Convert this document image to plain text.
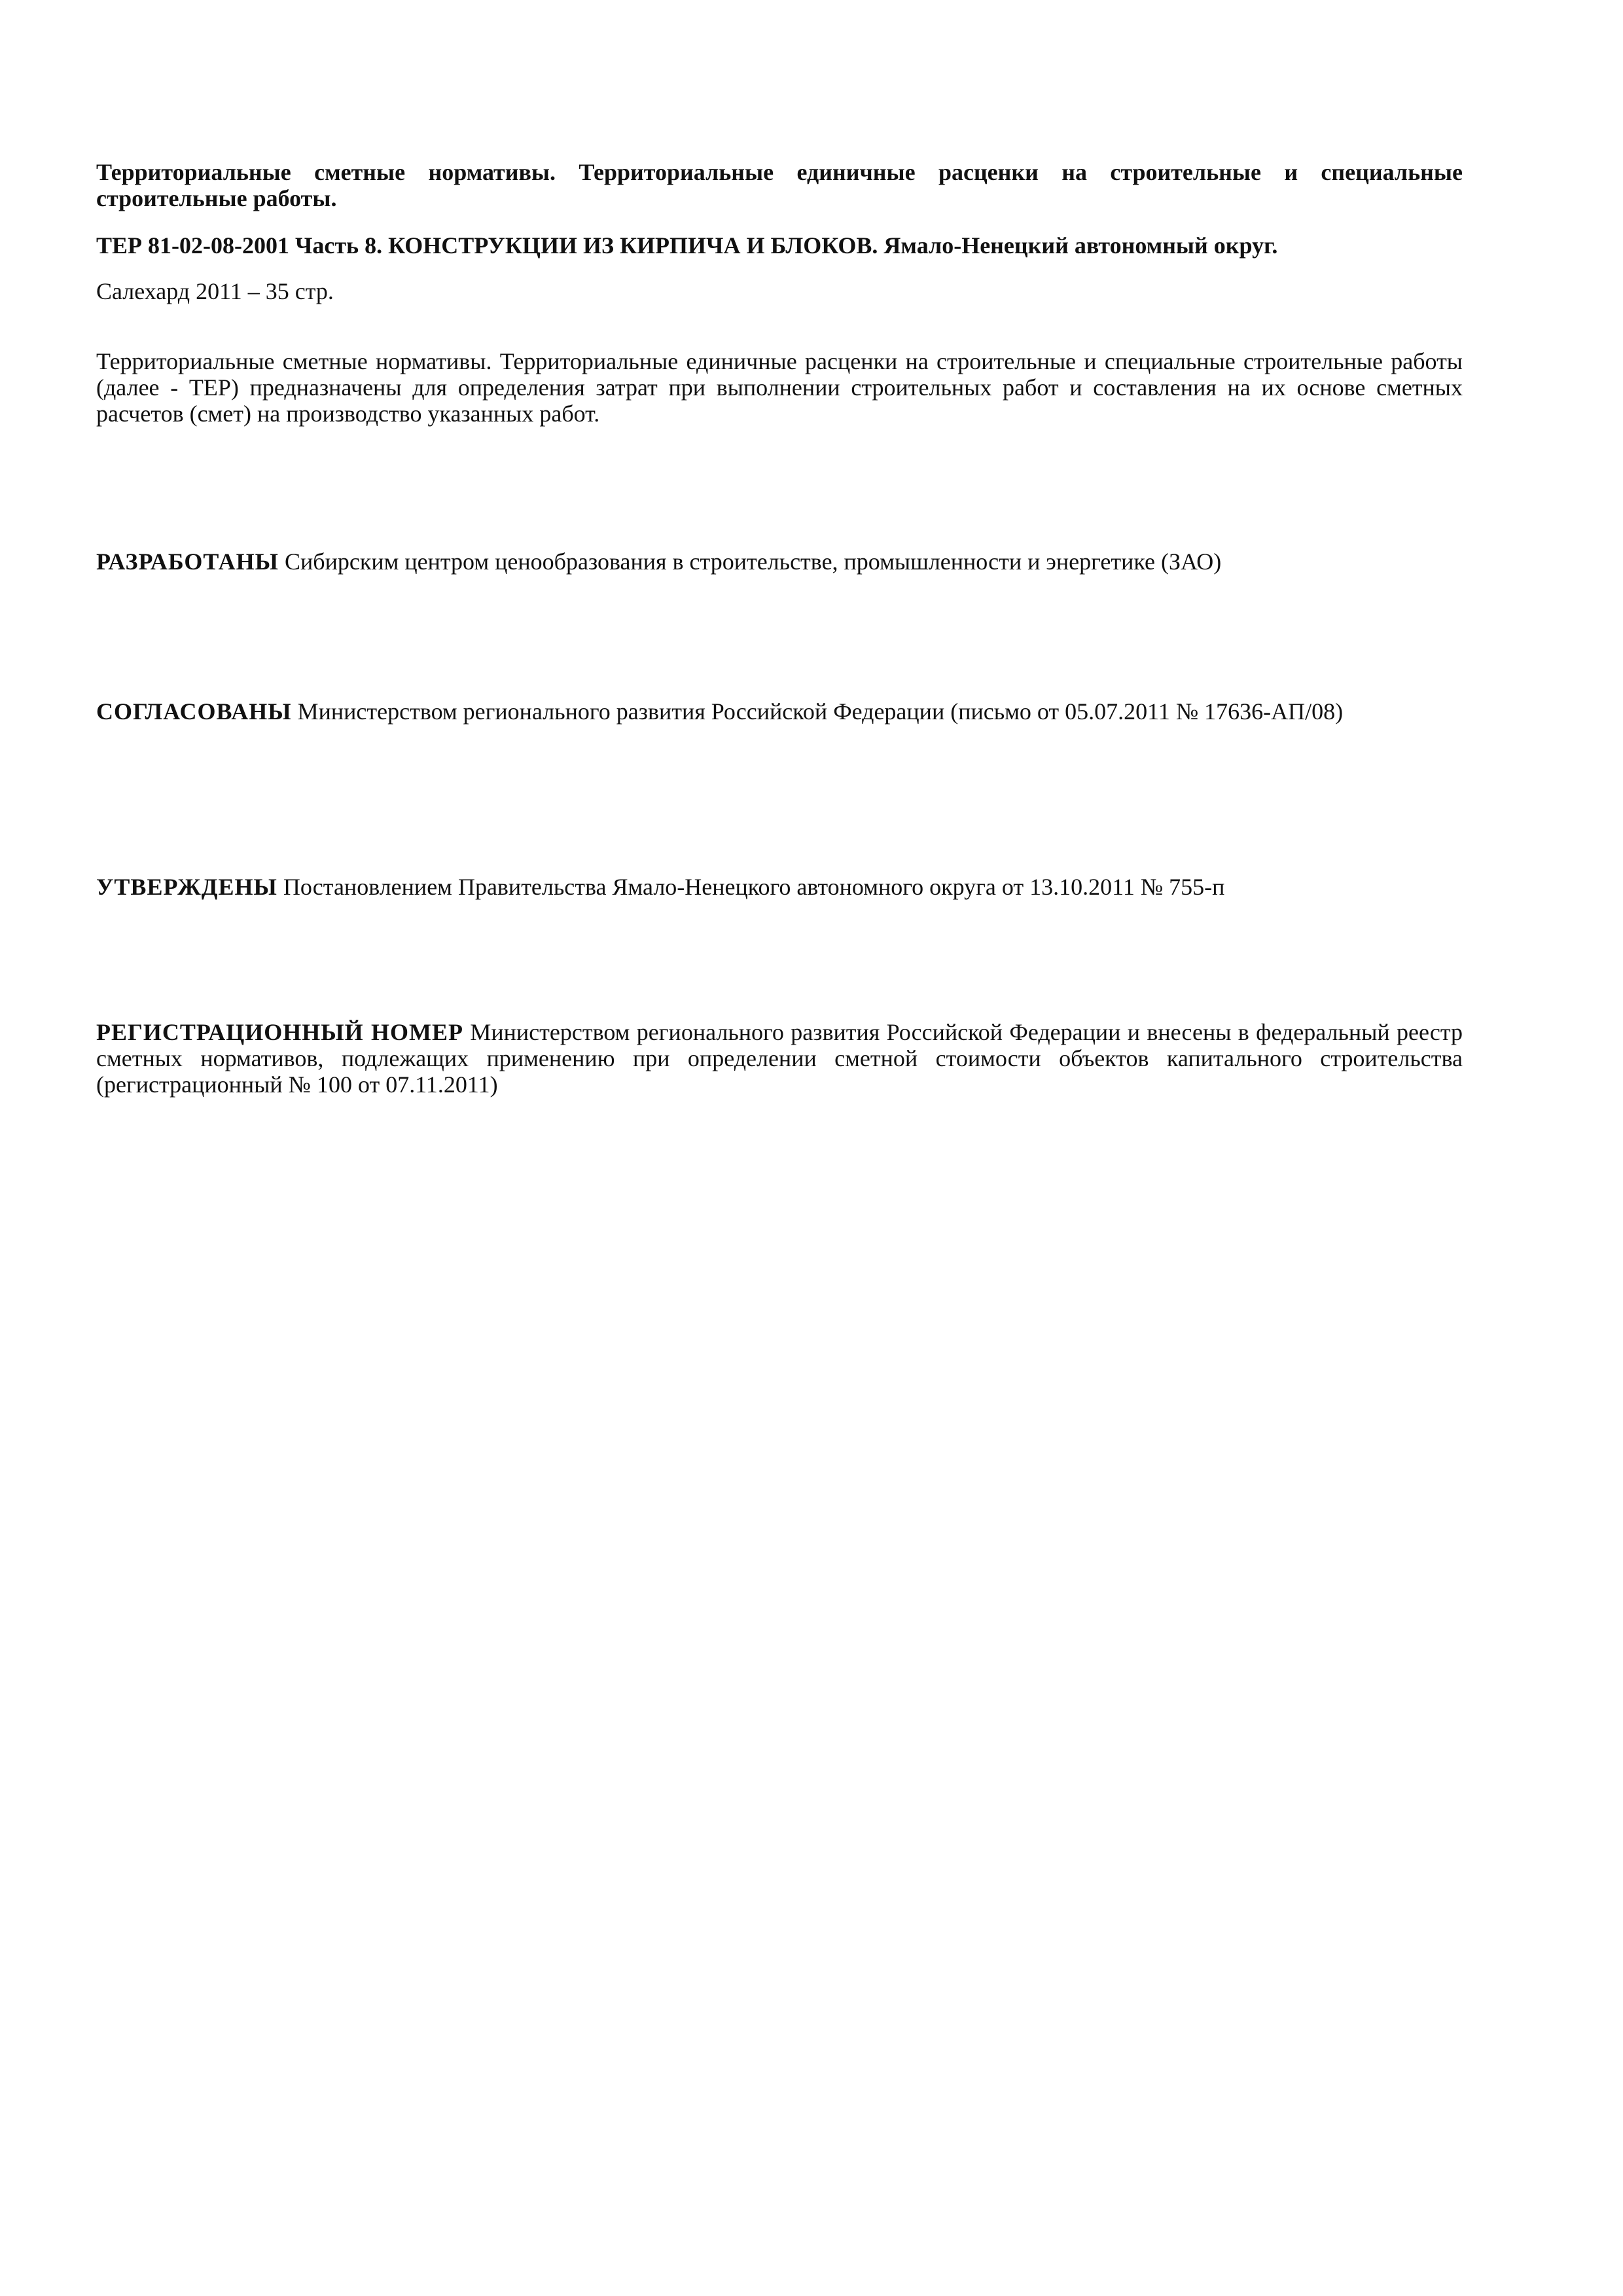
Территориальные сметные нормативы. Территориальные единичные расценки на строительные и специальные строительные работы.

ТЕР 81-02-08-2001 Часть 8. КОНСТРУКЦИИ ИЗ КИРПИЧА И БЛОКОВ. Ямало-Ненецкий автономный округ.

Салехард 2011 – 35 стр.

Территориальные сметные нормативы. Территориальные единичные расценки на строительные и специальные строительные работы (далее - ТЕР) предназначены для определения затрат при выполнении строительных работ и составления на их основе сметных расчетов (смет) на производство указанных работ.

РАЗРАБОТАНЫ Сибирским центром ценообразования в строительстве, промышленности и энергетике (ЗАО)

СОГЛАСОВАНЫ Министерством регионального развития Российской Федерации (письмо от 05.07.2011 № 17636-АП/08)

УТВЕРЖДЕНЫ Постановлением Правительства Ямало-Ненецкого автономного округа от 13.10.2011 № 755-п

РЕГИСТРАЦИОННЫЙ НОМЕР Министерством регионального развития Российской Федерации и внесены в федеральный реестр сметных нормативов, подлежащих применению при определении сметной стоимости объектов капитального строительства (регистрационный № 100 от 07.11.2011)
